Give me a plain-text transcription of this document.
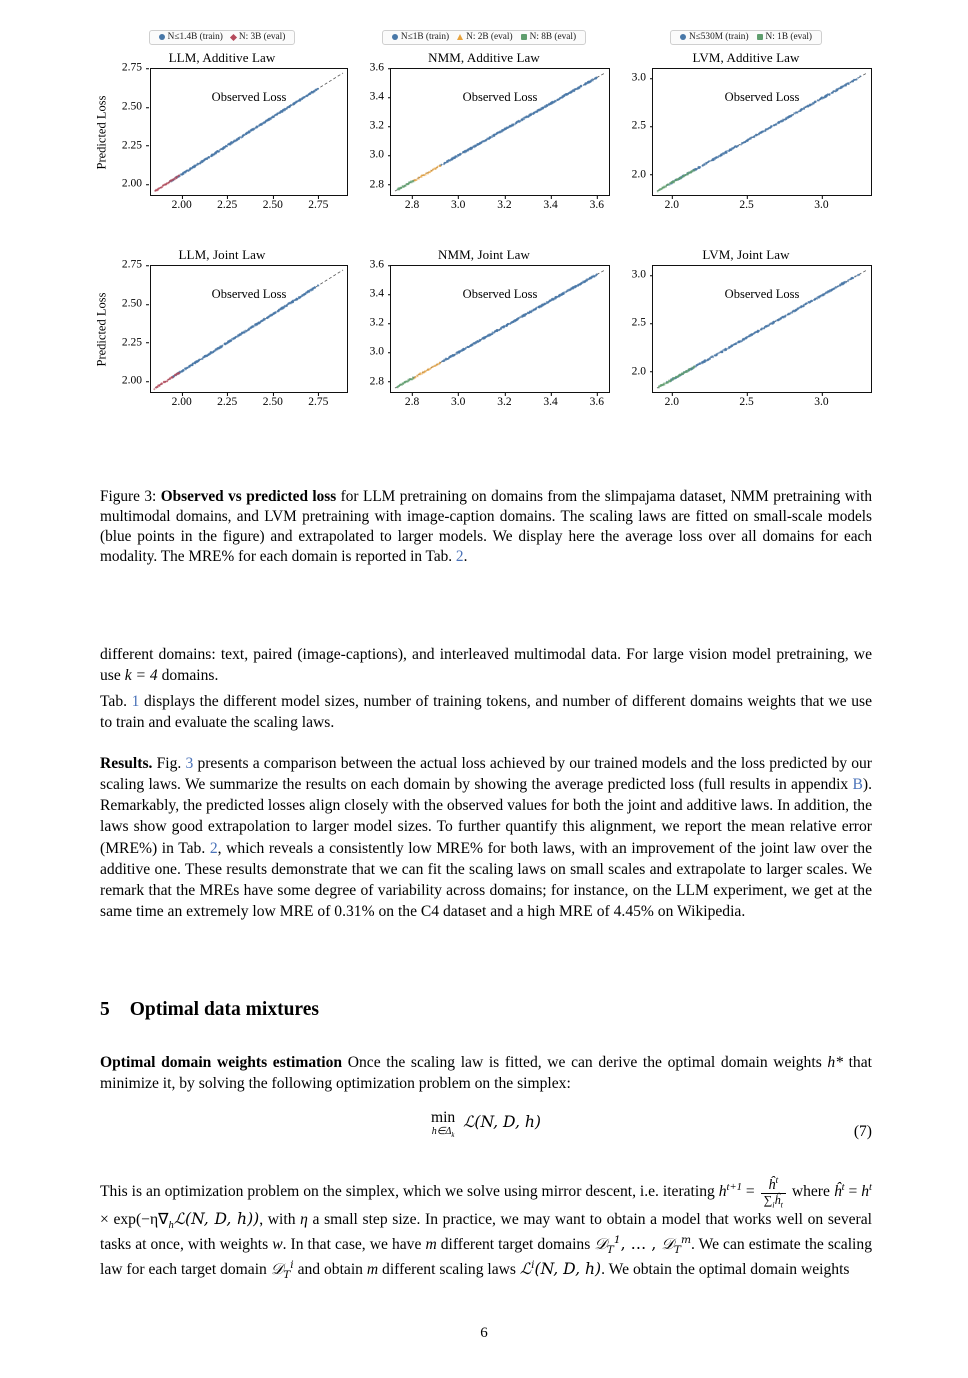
N≤1.4B (train) N: 3B (eval)
LLM, Additive Law
Predicted Loss
2.75
2.50
2.25
2.00
2.00 2.25 2.50 2.75
Observed Loss
N≤1B (train) N: 2B (eval) N: 8B (eval)
NMM, Additive Law
3.6
3.4
3.2
3.0
2.8
2.8	3.0	3.2	3.4	3.6
Observed Loss
N≤530M (train) N: 1B (eval)
LVM, Additive Law
3.0
2.5
2.0
2.0	2.5	3.0
Observed Loss
LLM, Joint Law
Predicted Loss
2.75
2.50
2.25
2.00
2.00 2.25 2.50 2.75
Observed Loss
NMM, Joint Law
3.6
3.4
3.2
3.0
2.8
2.8	3.0	3.2	3.4	3.6
Observed Loss
LVM, Joint Law
3.0
2.5
2.0
2.0	2.5	3.0
Observed Loss
Figure 3: Observed vs predicted loss for LLM pretraining on domains from the slimpajama dataset, NMM pretraining with multimodal domains, and LVM pretraining with image-caption domains. The scaling laws are fitted on small-scale models (blue points in the figure) and extrapolated to larger models. We display here the average loss over all domains for each modality. The MRE% for each domain is reported in Tab. 2.
different domains: text, paired (image-captions), and interleaved multimodal data. For large vision model pretraining, we use k = 4 domains.
Tab. 1 displays the different model sizes, number of training tokens, and number of different domains weights that we use to train and evaluate the scaling laws.
Results. Fig. 3 presents a comparison between the actual loss achieved by our trained models and the loss predicted by our scaling laws. We summarize the results on each domain by showing the average predicted loss (full results in appendix B). Remarkably, the predicted losses align closely with the observed values for both the joint and additive laws. In addition, the laws show good extrapolation to larger model sizes. To further quantify this alignment, we report the mean relative error (MRE%) in Tab. 2, which reveals a consistently low MRE% for both laws, with an improvement of the joint law over the additive one. These results demonstrate that we can fit the scaling laws on small scales and extrapolate to larger scales. We remark that the MREs have some degree of variability across domains; for instance, on the LLM experiment, we get at the same time an extremely low MRE of 0.31% on the C4 dataset and a high MRE of 4.45% on Wikipedia.
5 Optimal data mixtures
Optimal domain weights estimation Once the scaling law is fitted, we can derive the optimal domain weights h* that minimize it, by solving the following optimization problem on the simplex:
min
$h\in\Delta_k$
ℒ(N, D, h)
(7)
This is an optimization problem on the simplex, which we solve using mirror descent, i.e. iterating $h^{t+1} = \frac{ĥ^t}{\sum_iĥ_t}$ where $ĥ^t = h^t$ × $\exp(-\eta\nabla_hℒ(N$, D, h)), with η a small step size. In practice, we may want to obtain a model that works well on several tasks at once, with weights w. In that case, we have m different target domains 𝒟$_T^1$, … , 𝒟$_T^m$. We can estimate the scaling law for each target domain 𝒟$_T^i$ and obtain m different scaling laws ℒ$^i$(N, D, h). We obtain the optimal domain weights
6
